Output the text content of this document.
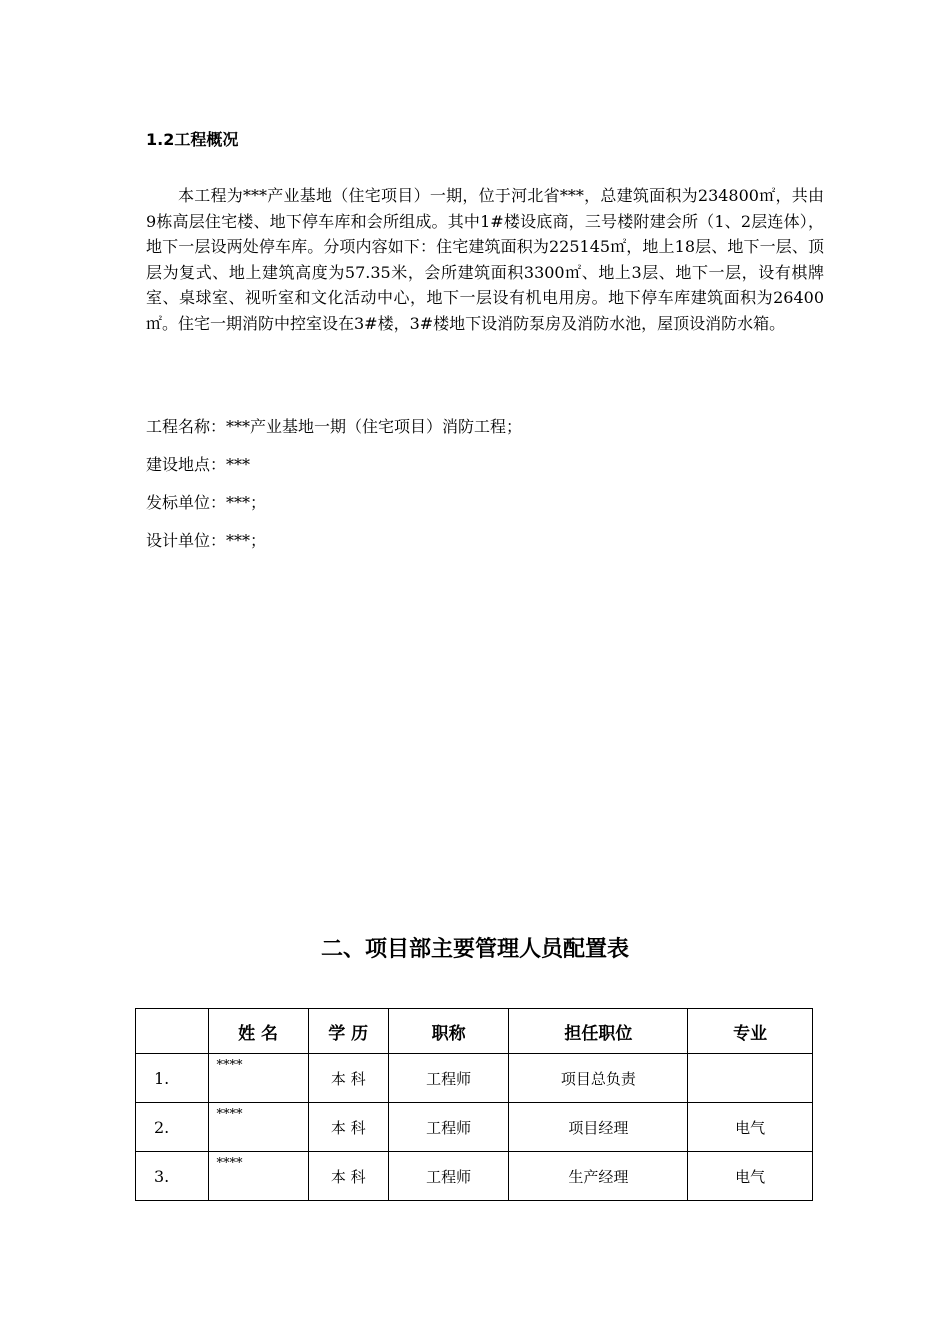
1.2工程概况
本工程为***产业基地（住宅项目）一期，位于河北省***，总建筑面积为234800㎡，共由9栋高层住宅楼、地下停车库和会所组成。其中1#楼设底商，三号楼附建会所（1、2层连体），地下一层设两处停车库。分项内容如下：住宅建筑面积为225145㎡，地上18层、地下一层、顶层为复式、地上建筑高度为57.35米，会所建筑面积3300㎡、地上3层、地下一层，设有棋牌室、桌球室、视听室和文化活动中心，地下一层设有机电用房。地下停车库建筑面积为26400㎡。住宅一期消防中控室设在3#楼，3#楼地下设消防泵房及消防水池，屋顶设消防水箱。
工程名称：***产业基地一期（住宅项目）消防工程；
建设地点：***
发标单位：***；
设计单位：***；
二、项目部主要管理人员配置表
	姓 名	学 历	职称	担任职位	专业
1.	****	本 科	工程师	项目总负责	
2.	****	本 科	工程师	项目经理	电气
3.	****	本 科	工程师	生产经理	电气
